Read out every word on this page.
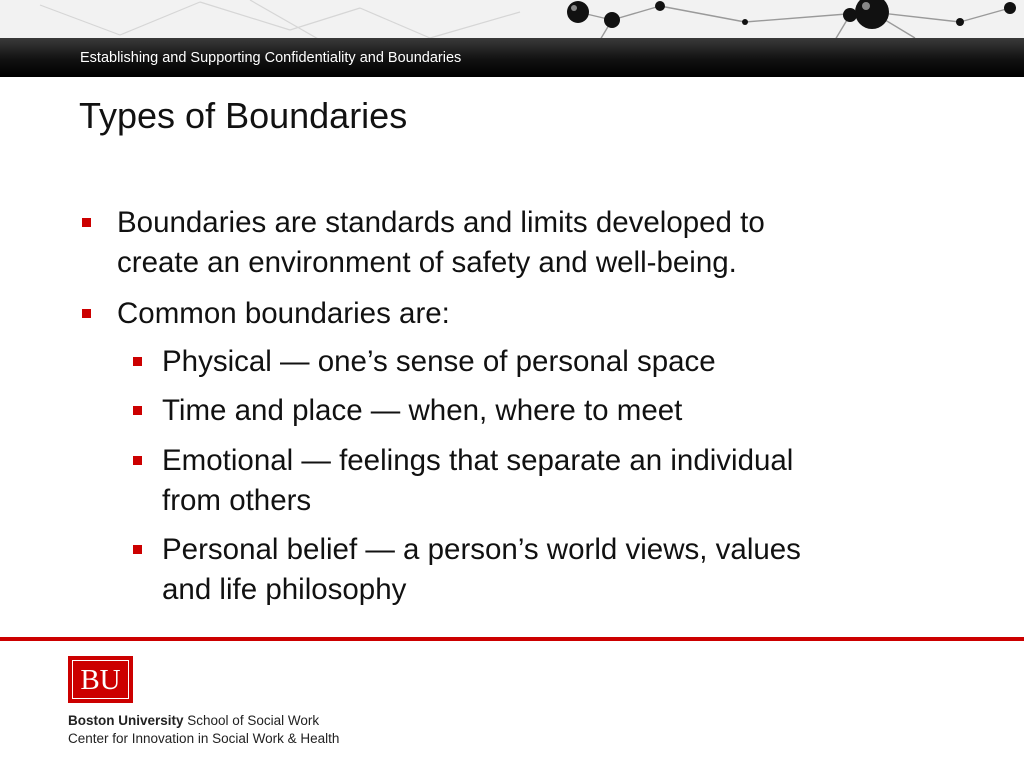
Establishing and Supporting Confidentiality and Boundaries
Types of Boundaries
Boundaries are standards and limits developed to
create an environment of safety and well-being.
Common boundaries are:
Physical — one’s sense of personal space
Time and place — when, where to meet
Emotional — feelings that separate an individual
from others
Personal belief — a person’s world views, values
and life philosophy
BU
Boston University School of Social Work
Center for Innovation in Social Work & Health
